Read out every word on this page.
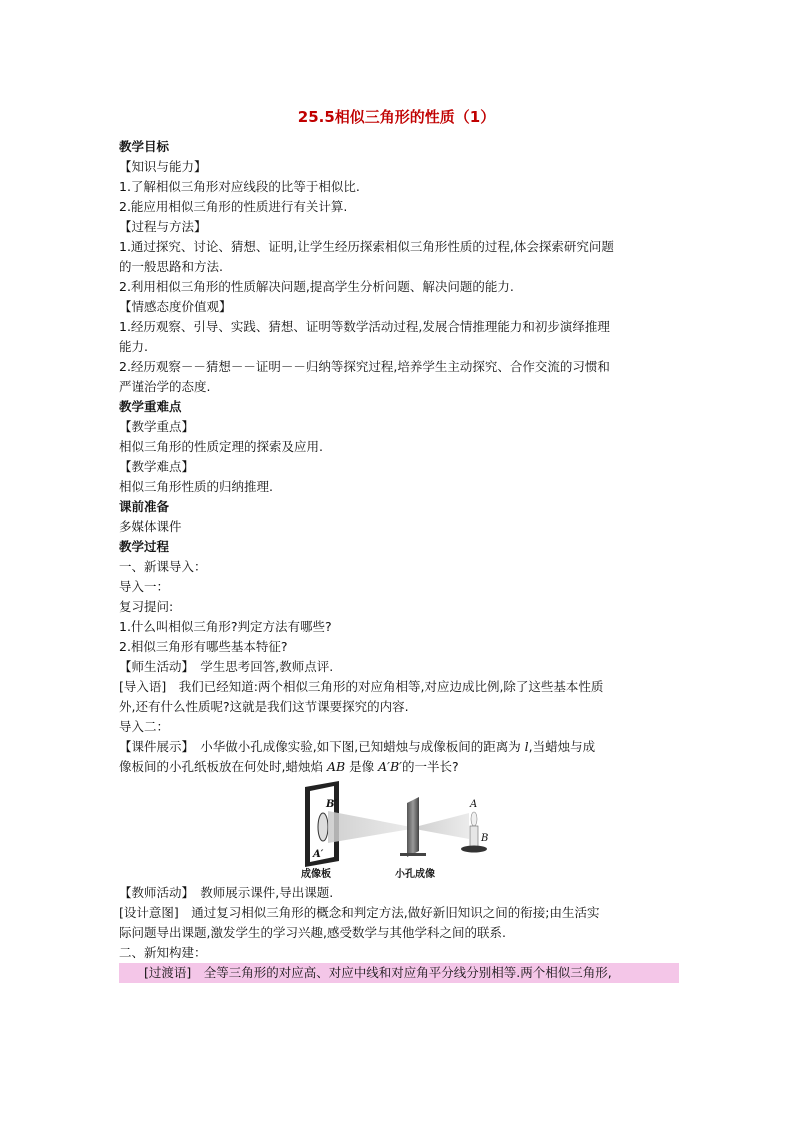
25.5相似三角形的性质（1）
教学目标
【知识与能力】
1.了解相似三角形对应线段的比等于相似比.
2.能应用相似三角形的性质进行有关计算.
【过程与方法】
1.通过探究、讨论、猜想、证明,让学生经历探索相似三角形性质的过程,体会探索研究问题
的一般思路和方法.
2.利用相似三角形的性质解决问题,提高学生分析问题、解决问题的能力.
【情感态度价值观】
1.经历观察、引导、实践、猜想、证明等数学活动过程,发展合情推理能力和初步演绎推理
能力.
2.经历观察－－猜想－－证明－－归纳等探究过程,培养学生主动探究、合作交流的习惯和
严谨治学的态度.
教学重难点
【教学重点】
相似三角形的性质定理的探索及应用.
【教学难点】
相似三角形性质的归纳推理.
课前准备
多媒体课件
教学过程
一、新课导入：
导入一：
复习提问:
1.什么叫相似三角形?判定方法有哪些?
2.相似三角形有哪些基本特征?
【师生活动】　学生思考回答,教师点评.
[导入语]　我们已经知道:两个相似三角形的对应角相等,对应边成比例,除了这些基本性质
外,还有什么性质呢?这就是我们这节课要探究的内容.
导入二：
【课件展示】　小华做小孔成像实验,如下图,已知蜡烛与成像板间的距离为 l,当蜡烛与成
像板间的小孔纸板放在何处时,蜡烛焰 AB 是像 A′B′的一半长?
B′
A′
A
B
成像板	小孔成像
【教师活动】　教师展示课件,导出课题.
[设计意图]　通过复习相似三角形的概念和判定方法,做好新旧知识之间的衔接;由生活实
际问题导出课题,激发学生的学习兴趣,感受数学与其他学科之间的联系.
二、新知构建：
　　[过渡语]　全等三角形的对应高、对应中线和对应角平分线分别相等.两个相似三角形,
